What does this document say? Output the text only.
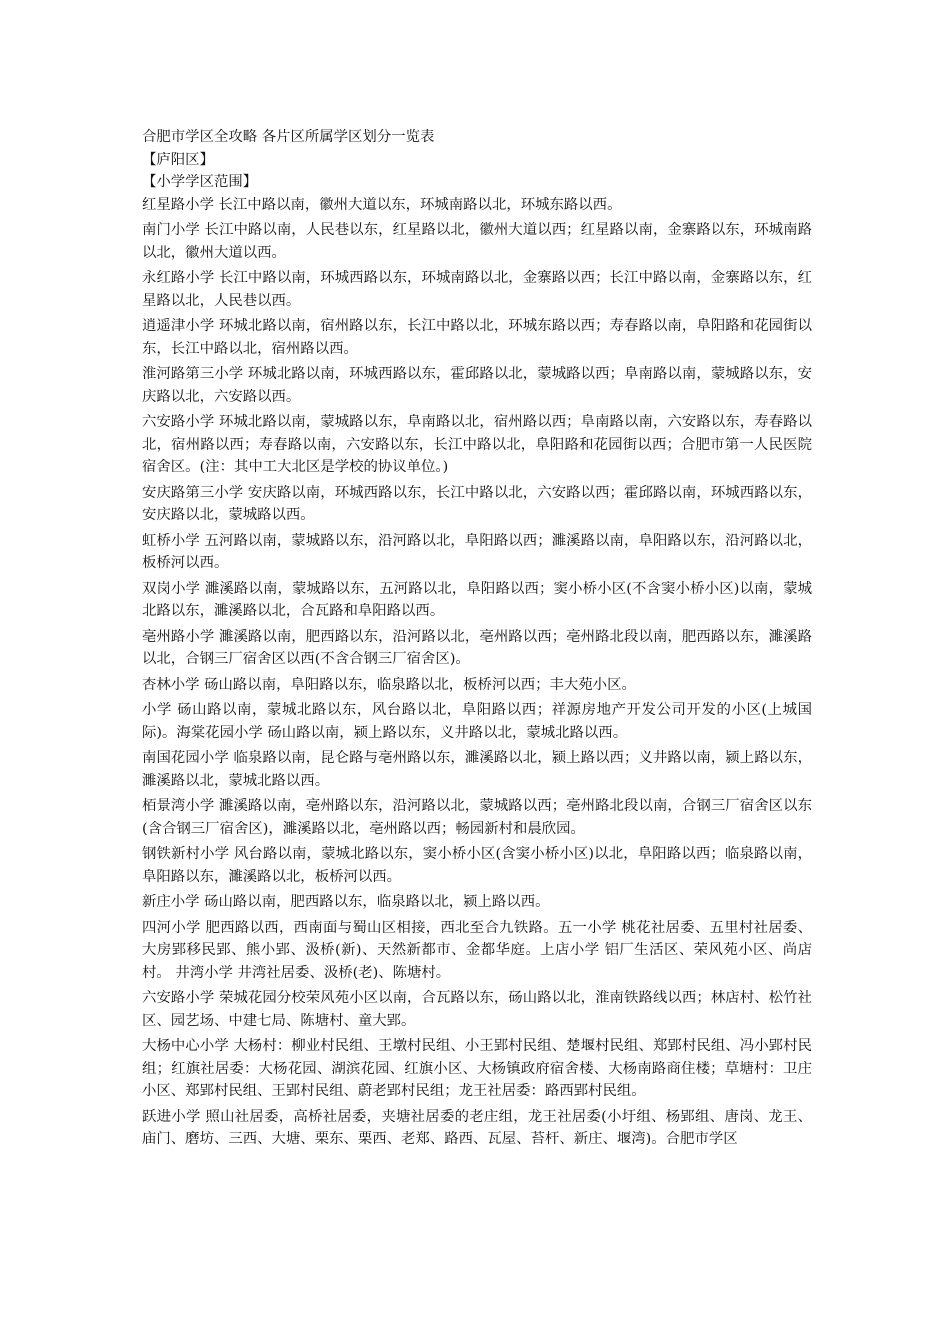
合肥市学区全攻略 各片区所属学区划分一览表

【庐阳区】

【小学学区范围】

红星路小学 长江中路以南，徽州大道以东，环城南路以北，环城东路以西。

南门小学 长江中路以南，人民巷以东，红星路以北，徽州大道以西；红星路以南，金寨路以东，环城南路以北，徽州大道以西。

永红路小学 长江中路以南，环城西路以东，环城南路以北，金寨路以西；长江中路以南，金寨路以东，红星路以北，人民巷以西。

逍遥津小学 环城北路以南，宿州路以东，长江中路以北，环城东路以西；寿春路以南，阜阳路和花园街以东，长江中路以北，宿州路以西。

淮河路第三小学 环城北路以南，环城西路以东，霍邱路以北，蒙城路以西；阜南路以南，蒙城路以东，安庆路以北，六安路以西。

六安路小学 环城北路以南，蒙城路以东，阜南路以北，宿州路以西；阜南路以南，六安路以东，寿春路以北，宿州路以西；寿春路以南，六安路以东，长江中路以北，阜阳路和花园街以西；合肥市第一人民医院宿舍区。(注：其中工大北区是学校的协议单位。)

安庆路第三小学 安庆路以南，环城西路以东，长江中路以北，六安路以西；霍邱路以南，环城西路以东，安庆路以北，蒙城路以西。

虹桥小学 五河路以南，蒙城路以东，沿河路以北，阜阳路以西；濉溪路以南，阜阳路以东，沿河路以北，板桥河以西。

双岗小学 濉溪路以南，蒙城路以东，五河路以北，阜阳路以西；窦小桥小区(不含窦小桥小区)以南，蒙城北路以东，濉溪路以北，合瓦路和阜阳路以西。

亳州路小学 濉溪路以南，肥西路以东，沿河路以北，亳州路以西；亳州路北段以南，肥西路以东，濉溪路以北，合钢三厂宿舍区以西(不含合钢三厂宿舍区)。

杏林小学 砀山路以南，阜阳路以东，临泉路以北，板桥河以西；丰大苑小区。

小学 砀山路以南，蒙城北路以东，风台路以北，阜阳路以西；祥源房地产开发公司开发的小区(上城国际)。海棠花园小学 砀山路以南，颍上路以东，义井路以北，蒙城北路以西。

南国花园小学 临泉路以南，昆仑路与亳州路以东，濉溪路以北，颍上路以西；义井路以南，颍上路以东，濉溪路以北，蒙城北路以西。

栢景湾小学 濉溪路以南，亳州路以东，沿河路以北，蒙城路以西；亳州路北段以南，合钢三厂宿舍区以东(含合钢三厂宿舍区)，濉溪路以北，亳州路以西；畅园新村和晨欣园。

钢铁新村小学 风台路以南，蒙城北路以东，窦小桥小区(含窦小桥小区)以北，阜阳路以西；临泉路以南，阜阳路以东，濉溪路以北，板桥河以西。

新庄小学 砀山路以南，肥西路以东，临泉路以北，颍上路以西。

四河小学 肥西路以西，西南面与蜀山区相接，西北至合九铁路。五一小学 桃花社居委、五里村社居委、大房郢移民郢、熊小郢、汲桥(新)、天然新都市、金都华庭。上店小学 铝厂生活区、荣风苑小区、尚店村。 井湾小学 井湾社居委、汲桥(老)、陈塘村。

六安路小学 荣城花园分校荣风苑小区以南，合瓦路以东，砀山路以北，淮南铁路线以西；林店村、松竹社区、园艺场、中建七局、陈塘村、童大郢。

大杨中心小学 大杨村：柳业村民组、王墩村民组、小王郢村民组、楚堰村民组、郑郢村民组、冯小郢村民组；红旗社居委：大杨花园、湖滨花园、红旗小区、大杨镇政府宿舍楼、大杨南路商住楼；草塘村：卫庄小区、郑郢村民组、王郢村民组、蔚老郢村民组；龙王社居委：路西郢村民组。

跃进小学 照山社居委，高桥社居委，夹塘社居委的老庄组，龙王社居委(小圩组、杨郢组、唐岗、龙王、庙门、磨坊、三西、大塘、栗东、栗西、老郑、路西、瓦屋、苔杆、新庄、堰湾)。合肥市学区
